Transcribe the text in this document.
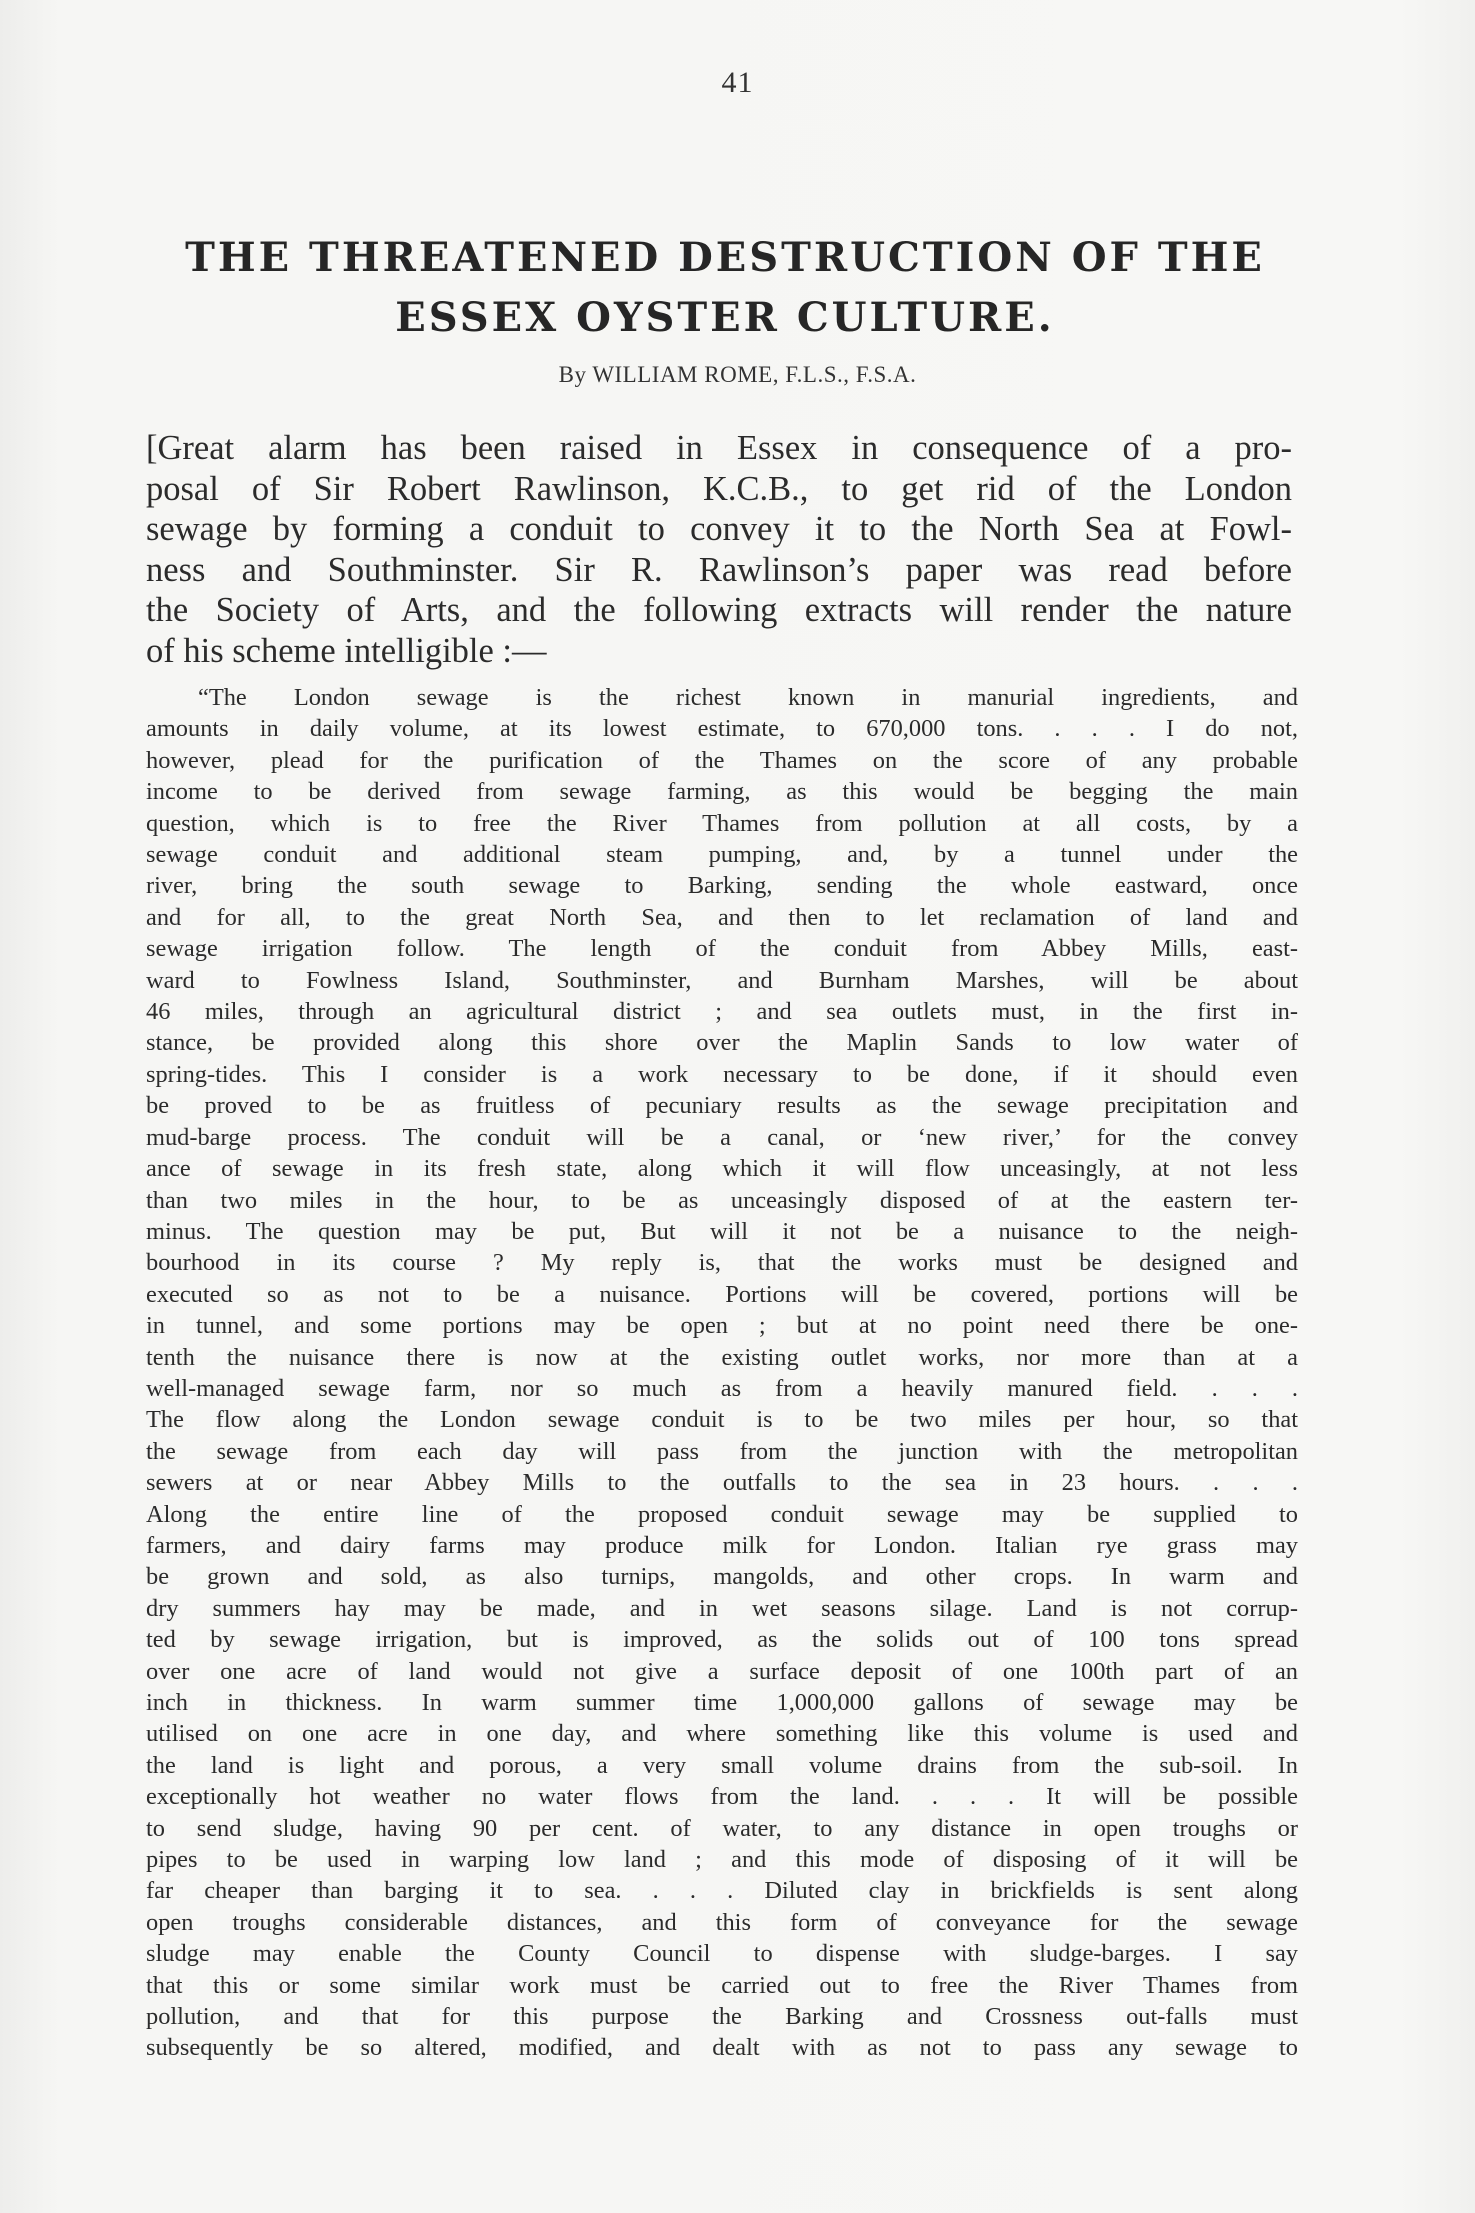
41
THE THREATENED DESTRUCTION OF THE
ESSEX OYSTER CULTURE.
By WILLIAM ROME, F.L.S., F.S.A.

[Great alarm has been raised in Essex in consequence of a pro-
posal of Sir Robert Rawlinson, K.C.B., to get rid of the London
sewage by forming a conduit to convey it to the North Sea at Fowl-
ness and Southminster. Sir R. Rawlinson’s paper was read before
the Society of Arts, and the following extracts will render the nature
of his scheme intelligible :—

“The London sewage is the richest known in manurial ingredients, and
amounts in daily volume, at its lowest estimate, to 670,000 tons. . . . I do not,
however, plead for the purification of the Thames on the score of any probable
income to be derived from sewage farming, as this would be begging the main
question, which is to free the River Thames from pollution at all costs, by a
sewage conduit and additional steam pumping, and, by a tunnel under the
river, bring the south sewage to Barking, sending the whole eastward, once
and for all, to the great North Sea, and then to let reclamation of land and
sewage irrigation follow. The length of the conduit from Abbey Mills, east-
ward to Fowlness Island, Southminster, and Burnham Marshes, will be about
46 miles, through an agricultural district ; and sea outlets must, in the first in-
stance, be provided along this shore over the Maplin Sands to low water of
spring-tides. This I consider is a work necessary to be done, if it should even
be proved to be as fruitless of pecuniary results as the sewage precipitation and
mud-barge process. The conduit will be a canal, or ‘new river,’ for the convey
ance of sewage in its fresh state, along which it will flow unceasingly, at not less
than two miles in the hour, to be as unceasingly disposed of at the eastern ter-
minus. The question may be put, But will it not be a nuisance to the neigh-
bourhood in its course ? My reply is, that the works must be designed and
executed so as not to be a nuisance. Portions will be covered, portions will be
in tunnel, and some portions may be open ; but at no point need there be one-
tenth the nuisance there is now at the existing outlet works, nor more than at a
well-managed sewage farm, nor so much as from a heavily manured field. . . .
The flow along the London sewage conduit is to be two miles per hour, so that
the sewage from each day will pass from the junction with the metropolitan
sewers at or near Abbey Mills to the outfalls to the sea in 23 hours. . . .
Along the entire line of the proposed conduit sewage may be supplied to
farmers, and dairy farms may produce milk for London. Italian rye grass may
be grown and sold, as also turnips, mangolds, and other crops. In warm and
dry summers hay may be made, and in wet seasons silage. Land is not corrup-
ted by sewage irrigation, but is improved, as the solids out of 100 tons spread
over one acre of land would not give a surface deposit of one 100th part of an
inch in thickness. In warm summer time 1,000,000 gallons of sewage may be
utilised on one acre in one day, and where something like this volume is used and
the land is light and porous, a very small volume drains from the sub-soil. In
exceptionally hot weather no water flows from the land. . . . It will be possible
to send sludge, having 90 per cent. of water, to any distance in open troughs or
pipes to be used in warping low land ; and this mode of disposing of it will be
far cheaper than barging it to sea. . . . Diluted clay in brickfields is sent along
open troughs considerable distances, and this form of conveyance for the sewage
sludge may enable the County Council to dispense with sludge-barges. I say
that this or some similar work must be carried out to free the River Thames from
pollution, and that for this purpose the Barking and Crossness out-falls must
subsequently be so altered, modified, and dealt with as not to pass any sewage to
